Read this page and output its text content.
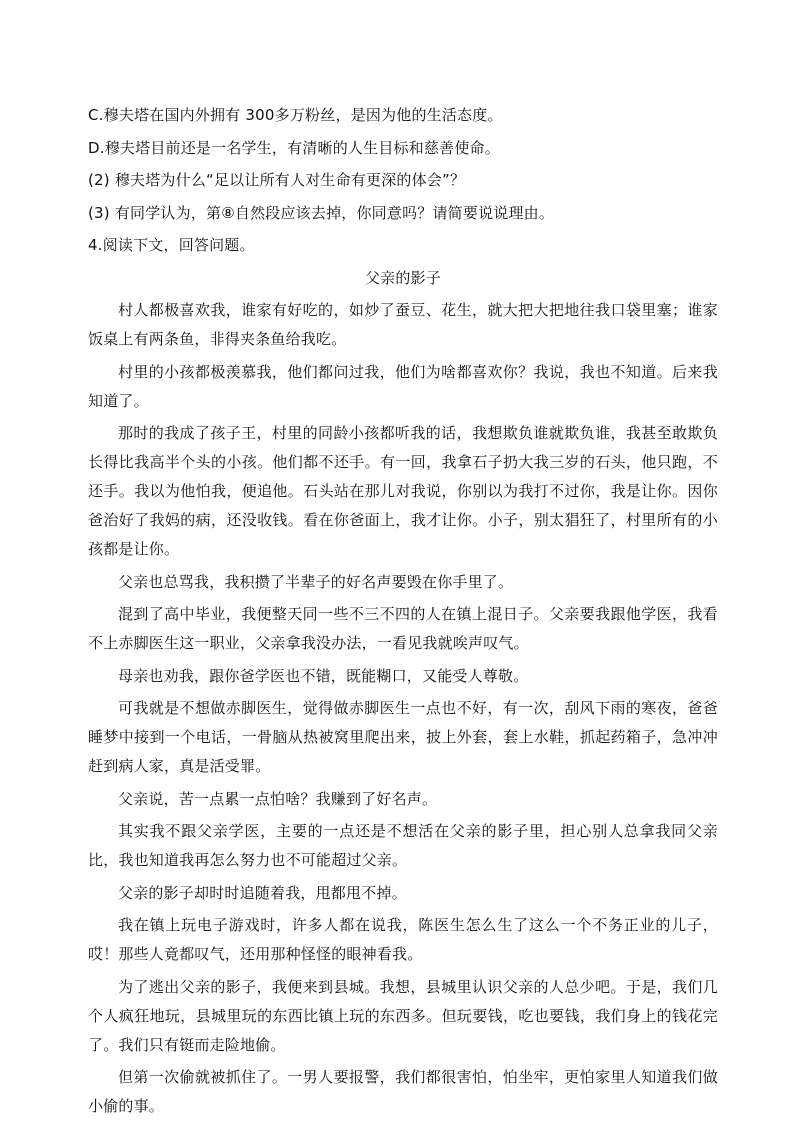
C.穆夫塔在国内外拥有 300多万粉丝，是因为他的生活态度。
D.穆夫塔目前还是一名学生，有清晰的人生目标和慈善使命。
(2) 穆夫塔为什么“足以让所有人对生命有更深的体会”？
(3) 有同学认为，第⑧自然段应该去掉，你同意吗？请简要说说理由。
4.阅读下文，回答问题。
父亲的影子
村人都极喜欢我，谁家有好吃的，如炒了蚕豆、花生，就大把大把地往我口袋里塞；谁家饭桌上有两条鱼，非得夹条鱼给我吃。
村里的小孩都极羡慕我，他们都问过我，他们为啥都喜欢你？我说，我也不知道。后来我知道了。
那时的我成了孩子王，村里的同龄小孩都听我的话，我想欺负谁就欺负谁，我甚至敢欺负长得比我高半个头的小孩。他们都不还手。有一回，我拿石子扔大我三岁的石头，他只跑，不还手。我以为他怕我，便追他。石头站在那儿对我说，你别以为我打不过你，我是让你。因你爸治好了我妈的病，还没收钱。看在你爸面上，我才让你。小子，别太猖狂了，村里所有的小孩都是让你。
父亲也总骂我，我积攒了半辈子的好名声要毁在你手里了。
混到了高中毕业，我便整天同一些不三不四的人在镇上混日子。父亲要我跟他学医，我看不上赤脚医生这一职业，父亲拿我没办法，一看见我就唉声叹气。
母亲也劝我，跟你爸学医也不错，既能糊口，又能受人尊敬。
可我就是不想做赤脚医生，觉得做赤脚医生一点也不好，有一次，刮风下雨的寒夜，爸爸睡梦中接到一个电话，一骨脑从热被窝里爬出来，披上外套，套上水鞋，抓起药箱子，急冲冲赶到病人家，真是活受罪。
父亲说，苦一点累一点怕啥？我赚到了好名声。
其实我不跟父亲学医，主要的一点还是不想活在父亲的影子里，担心别人总拿我同父亲比，我也知道我再怎么努力也不可能超过父亲。
父亲的影子却时时追随着我，甩都甩不掉。
我在镇上玩电子游戏时，许多人都在说我，陈医生怎么生了这么一个不务正业的儿子，哎！那些人竟都叹气，还用那种怪怪的眼神看我。
为了逃出父亲的影子，我便来到县城。我想，县城里认识父亲的人总少吧。于是，我们几个人疯狂地玩，县城里玩的东西比镇上玩的东西多。但玩要钱，吃也要钱，我们身上的钱花完 了。我们只有铤而走险地偷。
但第一次偷就被抓住了。一男人要报警，我们都很害怕，怕坐牢，更怕家里人知道我们做小偷的事。
